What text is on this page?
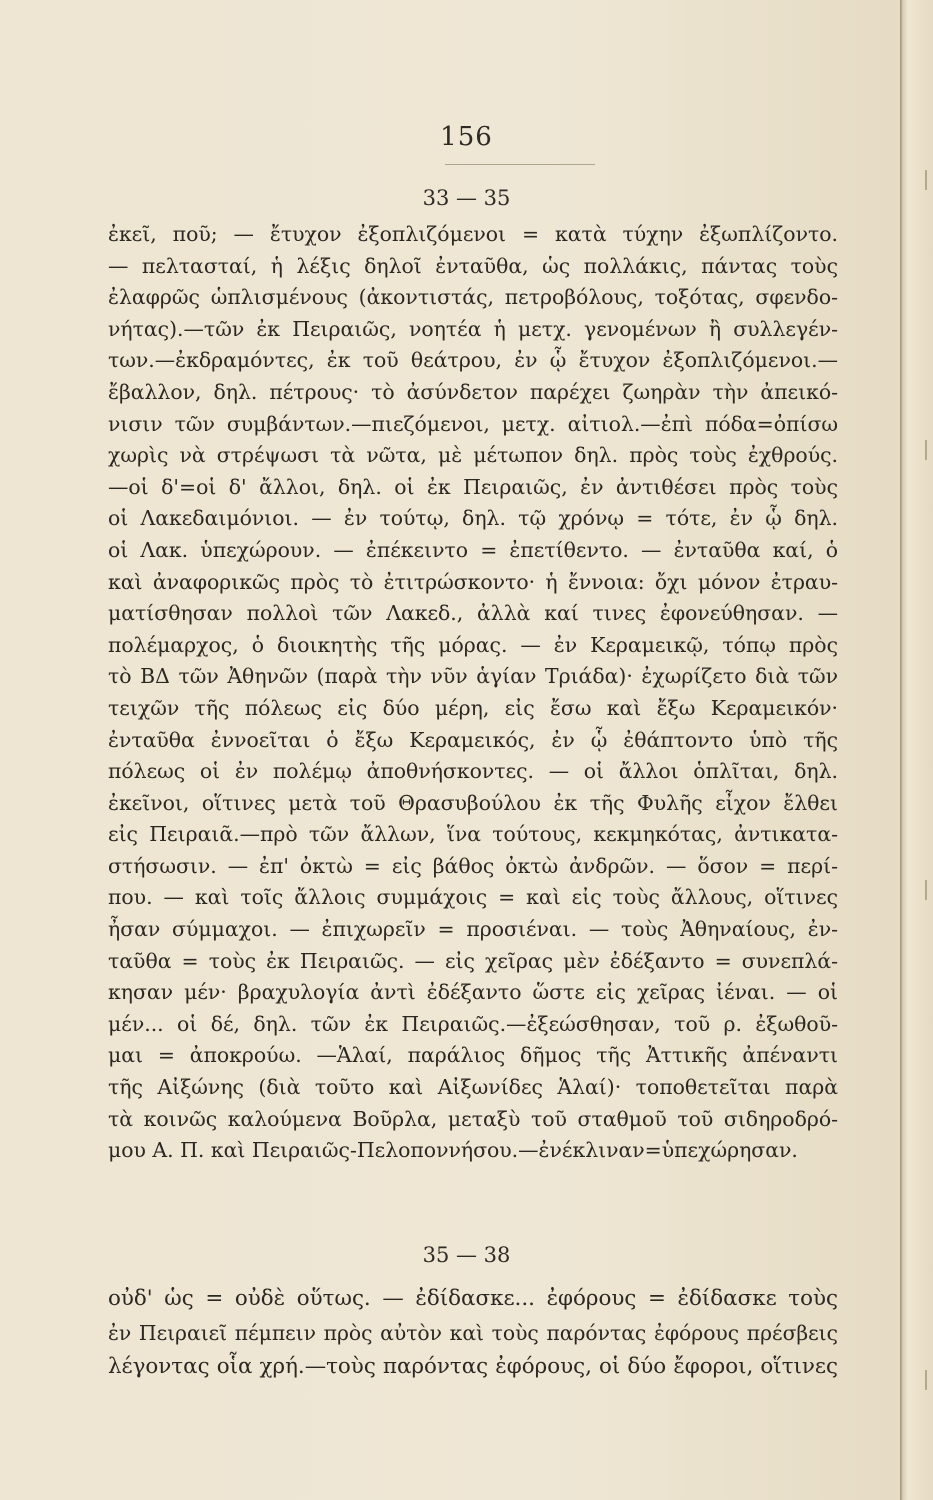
156
33 — 35
ἐκεῖ, ποῦ; — ἔτυχον ἐξοπλιζόμενοι = κατὰ τύχην ἐξωπλίζοντο.
— πελτασταί, ἡ λέξις δηλοῖ ἐνταῦθα, ὡς πολλάκις, πάντας τοὺς
ἐλαφρῶς ὡπλισμένους (ἀκοντιστάς, πετροβόλους, τοξότας, σφενδο-
νήτας).—τῶν ἐκ Πειραιῶς, νοητέα ἡ μετχ. γενομένων ἢ συλλεγέν-
των.—ἐκδραμόντες, ἐκ τοῦ θεάτρου, ἐν ᾧ ἔτυχον ἐξοπλιζόμενοι.—
ἔβαλλον, δηλ. πέτρους· τὸ ἀσύνδετον παρέχει ζωηρὰν τὴν ἀπεικό-
νισιν τῶν συμβάντων.—πιεζόμενοι, μετχ. αἰτιολ.—ἐπὶ πόδα=ὀπίσω
χωρὶς νὰ στρέψωσι τὰ νῶτα, μὲ μέτωπον δηλ. πρὸς τοὺς ἐχθρούς.
—οἱ δ'=οἱ δ' ἄλλοι, δηλ. οἱ ἐκ Πειραιῶς, ἐν ἀντιθέσει πρὸς τοὺς
οἱ Λακεδαιμόνιοι. — ἐν τούτῳ, δηλ. τῷ χρόνῳ = τότε, ἐν ᾧ δηλ.
οἱ Λακ. ὑπεχώρουν. — ἐπέκειντο = ἐπετίθεντο. — ἐνταῦθα καί, ὁ
καὶ ἀναφορικῶς πρὸς τὸ ἐτιτρώσκοντο· ἡ ἔννοια: ὄχι μόνον ἐτραυ-
ματίσθησαν πολλοὶ τῶν Λακεδ., ἀλλὰ καί τινες ἐφονεύθησαν. —
πολέμαρχος, ὁ διοικητὴς τῆς μόρας. — ἐν Κεραμεικῷ, τόπῳ πρὸς
τὸ ΒΔ τῶν Ἀθηνῶν (παρὰ τὴν νῦν ἁγίαν Τριάδα)· ἐχωρίζετο διὰ τῶν
τειχῶν τῆς πόλεως εἰς δύο μέρη, εἰς ἔσω καὶ ἔξω Κεραμεικόν·
ἐνταῦθα ἐννοεῖται ὁ ἔξω Κεραμεικός, ἐν ᾧ ἐθάπτοντο ὑπὸ τῆς
πόλεως οἱ ἐν πολέμῳ ἀποθνήσκοντες. — οἱ ἄλλοι ὁπλῖται, δηλ.
ἐκεῖνοι, οἵτινες μετὰ τοῦ Θρασυβούλου ἐκ τῆς Φυλῆς εἶχον ἔλθει
εἰς Πειραιᾶ.—πρὸ τῶν ἄλλων, ἵνα τούτους, κεκμηκότας, ἀντικατα-
στήσωσιν. — ἐπ' ὀκτὼ = εἰς βάθος ὀκτὼ ἀνδρῶν. — ὅσον = περί-
που. — καὶ τοῖς ἄλλοις συμμάχοις = καὶ εἰς τοὺς ἄλλους, οἵτινες
ἦσαν σύμμαχοι. — ἐπιχωρεῖν = προσιέναι. — τοὺς Ἀθηναίους, ἐν-
ταῦθα = τοὺς ἐκ Πειραιῶς. — εἰς χεῖρας μὲν ἐδέξαντο = συνεπλά-
κησαν μέν· βραχυλογία ἀντὶ ἐδέξαντο ὥστε εἰς χεῖρας ἰέναι. — οἱ
μέν... οἱ δέ, δηλ. τῶν ἐκ Πειραιῶς.—ἐξεώσθησαν, τοῦ ρ. ἐξωθοῦ-
μαι = ἀποκρούω. —Ἁλαί, παράλιος δῆμος τῆς Ἀττικῆς ἀπέναντι
τῆς Αἰξώνης (διὰ τοῦτο καὶ Αἰξωνίδες Ἁλαί)· τοποθετεῖται παρὰ
τὰ κοινῶς καλούμενα Βοῦρλα, μεταξὺ τοῦ σταθμοῦ τοῦ σιδηροδρό-
μου Α. Π. καὶ Πειραιῶς-Πελοποννήσου.—ἐνέκλιναν=ὑπεχώρησαν.
35 — 38
οὐδ' ὡς = οὐδὲ οὕτως. — ἐδίδασκε... ἐφόρους = ἐδίδασκε τοὺς
ἐν Πειραιεῖ πέμπειν πρὸς αὐτὸν καὶ τοὺς παρόντας ἐφόρους πρέσβεις
λέγοντας οἷα χρή.—τοὺς παρόντας ἐφόρους, οἱ δύο ἔφοροι, οἵτινες
